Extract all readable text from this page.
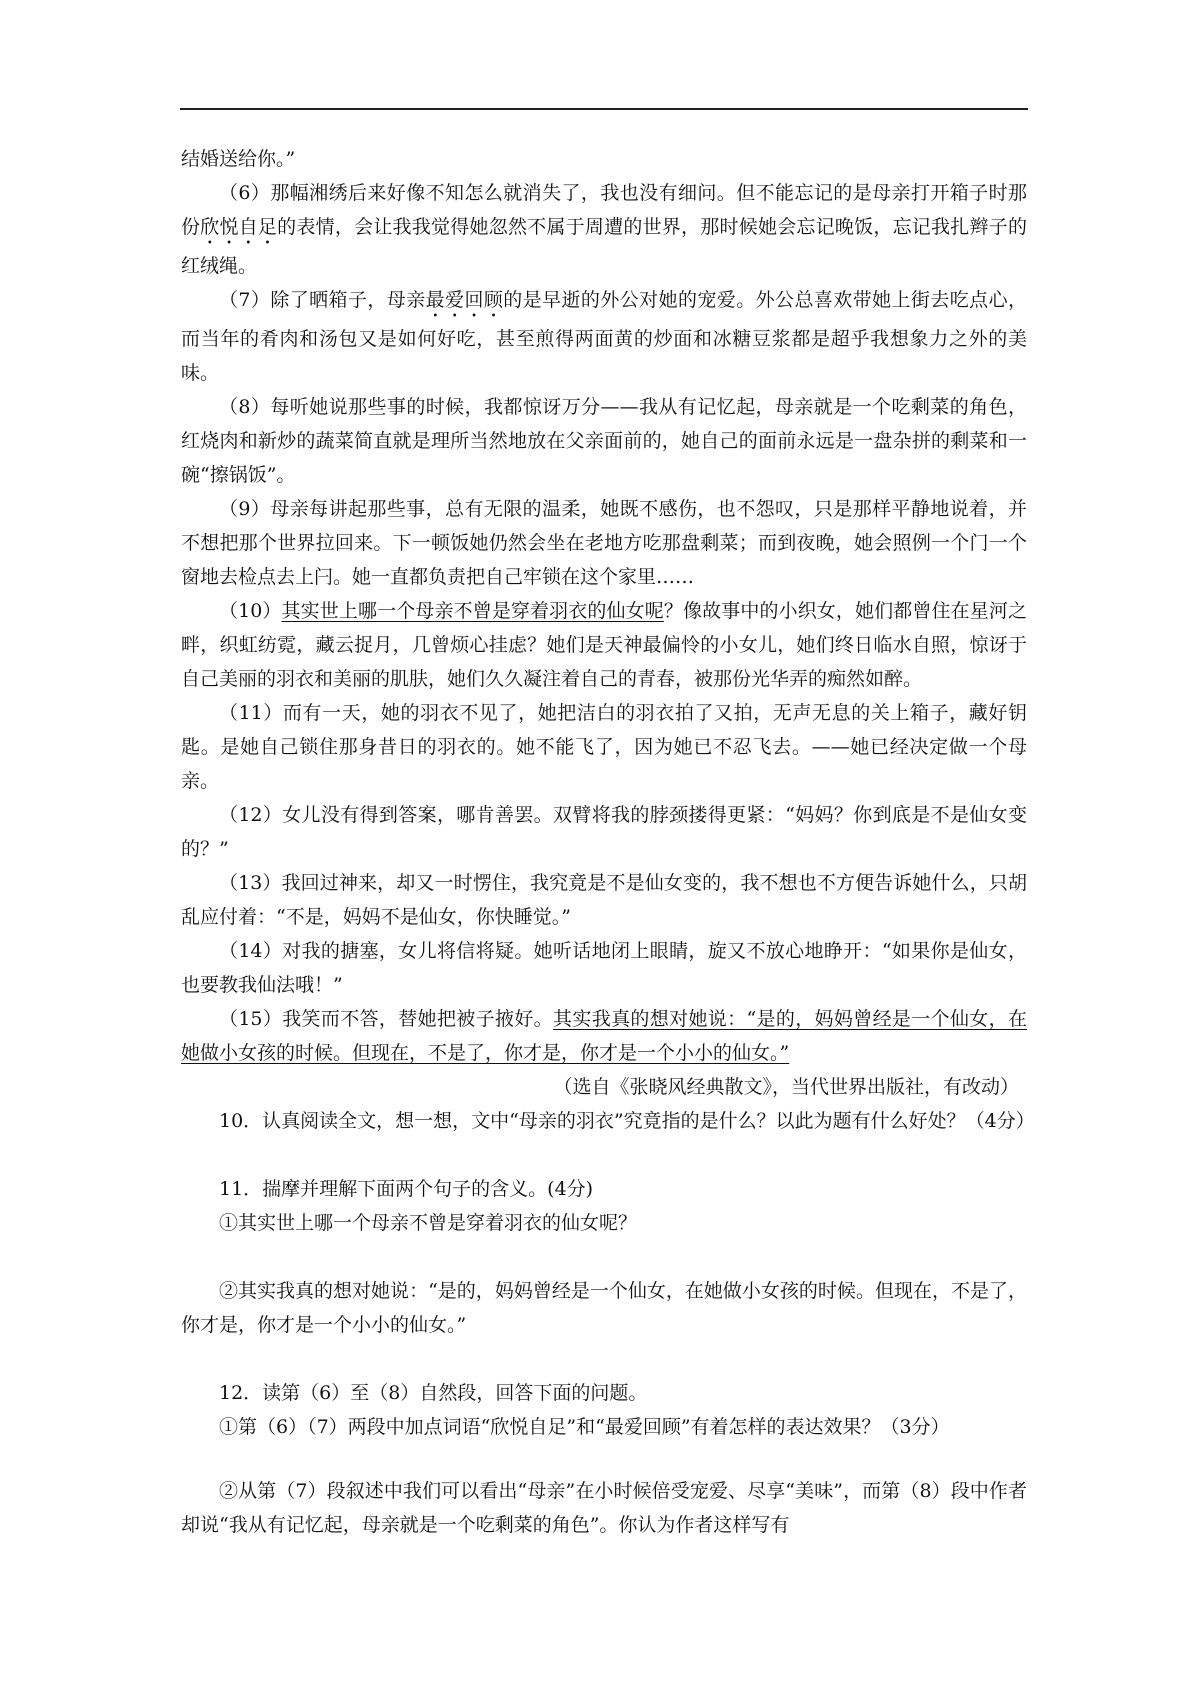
结婚送给你。”

（6）那幅湘绣后来好像不知怎么就消失了，我也没有细问。但不能忘记的是母亲打开箱子时那份欣悦自足的表情，会让我我觉得她忽然不属于周遭的世界，那时候她会忘记晚饭，忘记我扎辫子的红绒绳。

（7）除了晒箱子，母亲最爱回顾的是早逝的外公对她的宠爱。外公总喜欢带她上街去吃点心，而当年的肴肉和汤包又是如何好吃，甚至煎得两面黄的炒面和冰糖豆浆都是超乎我想象力之外的美味。

（8）每听她说那些事的时候，我都惊讶万分——我从有记忆起，母亲就是一个吃剩菜的角色，红烧肉和新炒的蔬菜简直就是理所当然地放在父亲面前的，她自己的面前永远是一盘杂拼的剩菜和一碗“擦锅饭”。

（9）母亲每讲起那些事，总有无限的温柔，她既不感伤，也不怨叹，只是那样平静地说着，并不想把那个世界拉回来。下一顿饭她仍然会坐在老地方吃那盘剩菜；而到夜晚，她会照例一个门一个窗地去检点去上闩。她一直都负责把自己牢锁在这个家里……

（10）其实世上哪一个母亲不曾是穿着羽衣的仙女呢？像故事中的小织女，她们都曾住在星河之畔，织虹纺霓，藏云捉月，几曾烦心挂虑？她们是天神最偏怜的小女儿，她们终日临水自照，惊讶于自己美丽的羽衣和美丽的肌肤，她们久久凝注着自己的青春，被那份光华弄的痴然如醉。

（11）而有一天，她的羽衣不见了，她把洁白的羽衣拍了又拍，无声无息的关上箱子，藏好钥匙。是她自己锁住那身昔日的羽衣的。她不能飞了，因为她已不忍飞去。——她已经决定做一个母亲。

（12）女儿没有得到答案，哪肯善罢。双臂将我的脖颈搂得更紧：“妈妈？你到底是不是仙女变的？”

（13）我回过神来，却又一时愣住，我究竟是不是仙女变的，我不想也不方便告诉她什么，只胡乱应付着：“不是，妈妈不是仙女，你快睡觉。”

（14）对我的搪塞，女儿将信将疑。她听话地闭上眼睛，旋又不放心地睁开：“如果你是仙女，也要教我仙法哦！”

（15）我笑而不答，替她把被子掖好。其实我真的想对她说：“是的，妈妈曾经是一个仙女，在她做小女孩的时候。但现在，不是了，你才是，你才是一个小小的仙女。”

（选自《张晓风经典散文》，当代世界出版社，有改动）

10．认真阅读全文，想一想，文中“母亲的羽衣”究竟指的是什么？以此为题有什么好处？（4分）

11．揣摩并理解下面两个句子的含义。(4分)

①其实世上哪一个母亲不曾是穿着羽衣的仙女呢？

②其实我真的想对她说：“是的，妈妈曾经是一个仙女，在她做小女孩的时候。但现在，不是了，你才是，你才是一个小小的仙女。”

12．读第（6）至（8）自然段，回答下面的问题。

①第（6）（7）两段中加点词语“欣悦自足”和“最爱回顾”有着怎样的表达效果？（3分）

②从第（7）段叙述中我们可以看出“母亲”在小时候倍受宠爱、尽享“美味”，而第（8）段中作者却说“我从有记忆起，母亲就是一个吃剩菜的角色”。你认为作者这样写有
